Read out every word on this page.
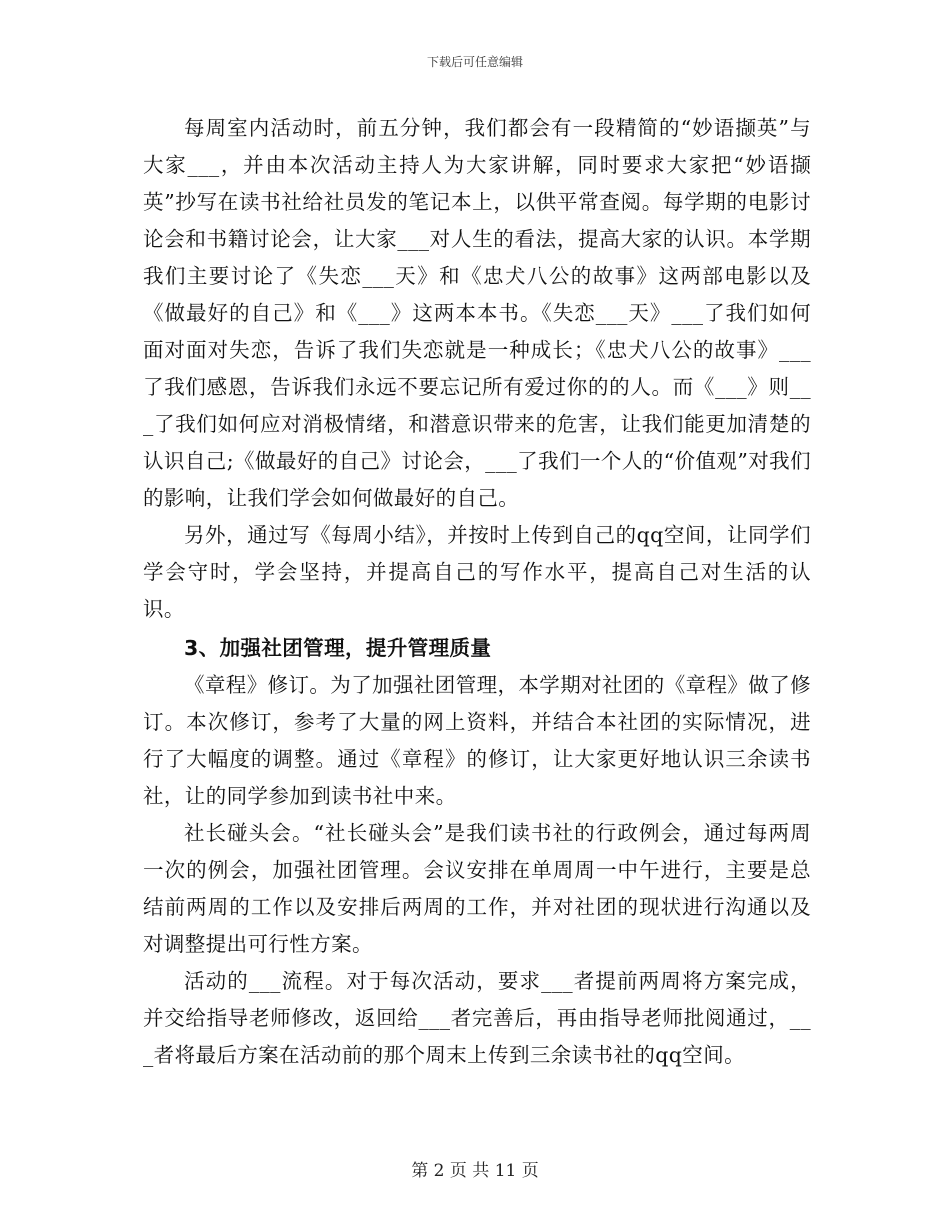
下载后可任意编辑

每周室内活动时，前五分钟，我们都会有一段精简的“妙语撷英”与大家___，并由本次活动主持人为大家讲解，同时要求大家把“妙语撷英”抄写在读书社给社员发的笔记本上，以供平常查阅。每学期的电影讨论会和书籍讨论会，让大家___对人生的看法，提高大家的认识。本学期我们主要讨论了《失恋___天》和《忠犬八公的故事》这两部电影以及《做最好的自己》和《___》这两本本书。《失恋___天》___了我们如何面对面对失恋，告诉了我们失恋就是一种成长；《忠犬八公的故事》___了我们感恩，告诉我们永远不要忘记所有爱过你的的人。而《___》则___了我们如何应对消极情绪，和潜意识带来的危害，让我们能更加清楚的认识自己;《做最好的自己》讨论会，___了我们一个人的“价值观”对我们的影响，让我们学会如何做最好的自己。

另外，通过写《每周小结》，并按时上传到自己的qq空间，让同学们学会守时，学会坚持，并提高自己的写作水平，提高自己对生活的认识。

3、加强社团管理，提升管理质量

《章程》修订。为了加强社团管理，本学期对社团的《章程》做了修订。本次修订，参考了大量的网上资料，并结合本社团的实际情况，进行了大幅度的调整。通过《章程》的修订，让大家更好地认识三余读书社，让的同学参加到读书社中来。

社长碰头会。“社长碰头会”是我们读书社的行政例会，通过每两周一次的例会，加强社团管理。会议安排在单周周一中午进行，主要是总结前两周的工作以及安排后两周的工作，并对社团的现状进行沟通以及对调整提出可行性方案。

活动的___流程。对于每次活动，要求___者提前两周将方案完成，并交给指导老师修改，返回给___者完善后，再由指导老师批阅通过，___者将最后方案在活动前的那个周末上传到三余读书社的qq空间。

第 2 页 共 11 页
